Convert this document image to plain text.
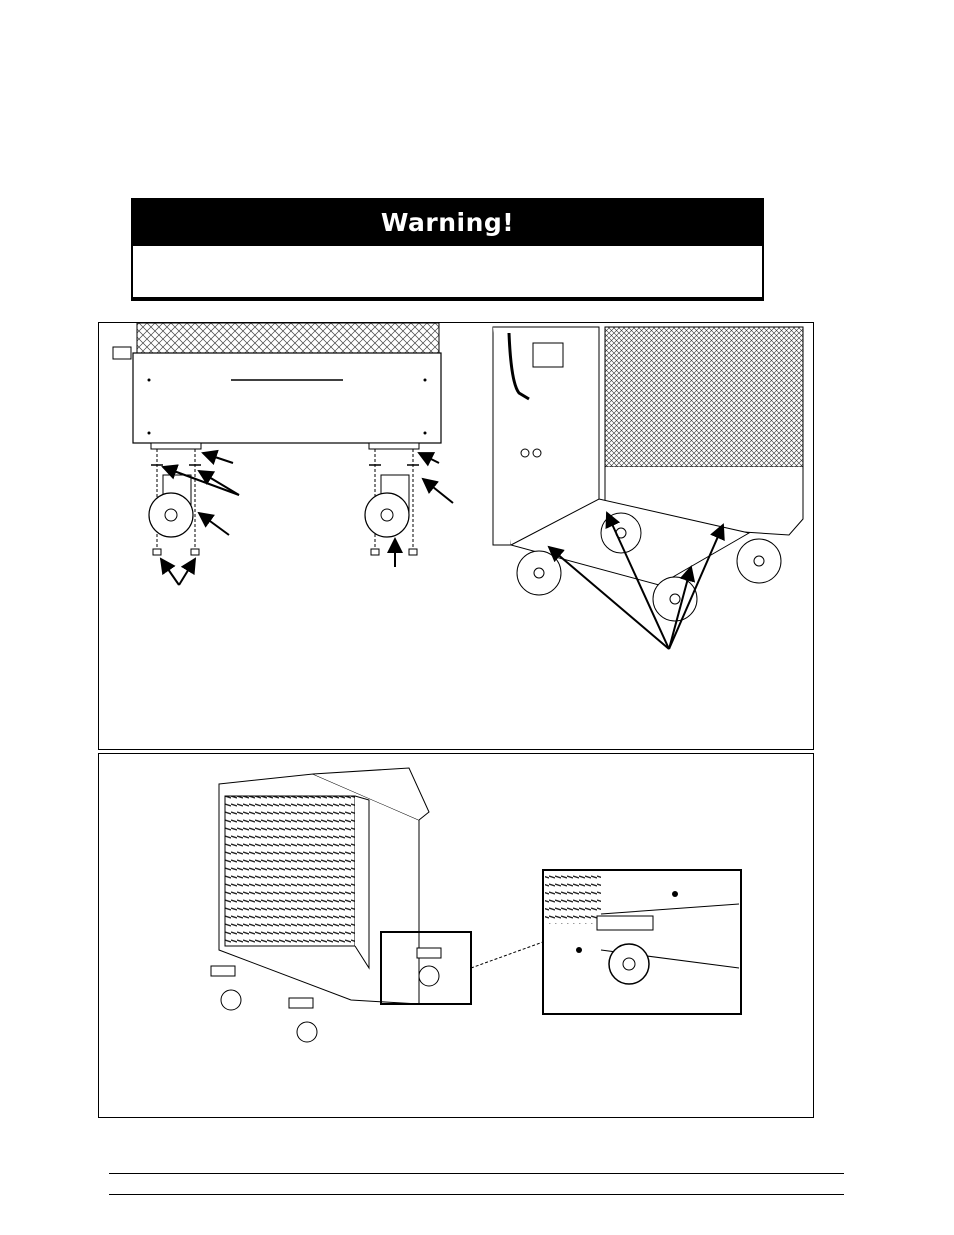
Warning!
